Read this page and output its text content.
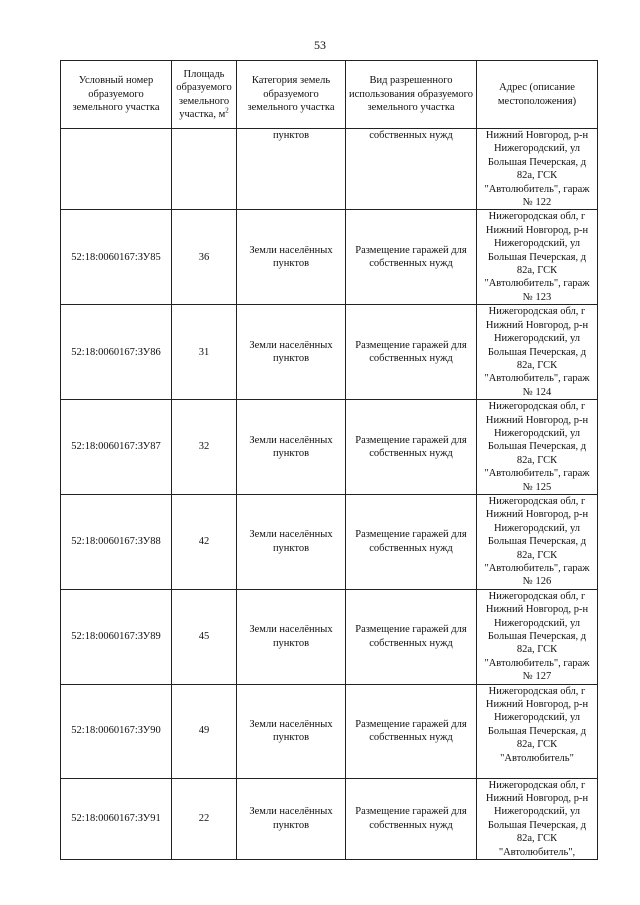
53
Условный номер образуемого земельного участка	Площадь образуемого земельного участка, $м^2$	Категория земель образуемого земельного участка	Вид разрешенного использования образуемого земельного участка	Адрес (описание местоположения)
		пунктов	собственных нужд	Нижний Новгород, р-н Нижегородский, ул Большая Печерская, д 82а, ГСК "Автолюбитель", гараж № 122
52:18:0060167:ЗУ85	36	Земли населённых пунктов	Размещение гаражей для собственных нужд	Нижегородская обл, г Нижний Новгород, р-н Нижегородский, ул Большая Печерская, д 82а, ГСК "Автолюбитель", гараж № 123
52:18:0060167:ЗУ86	31	Земли населённых пунктов	Размещение гаражей для собственных нужд	Нижегородская обл, г Нижний Новгород, р-н Нижегородский, ул Большая Печерская, д 82а, ГСК "Автолюбитель", гараж № 124
52:18:0060167:ЗУ87	32	Земли населённых пунктов	Размещение гаражей для собственных нужд	Нижегородская обл, г Нижний Новгород, р-н Нижегородский, ул Большая Печерская, д 82а, ГСК "Автолюбитель", гараж № 125
52:18:0060167:ЗУ88	42	Земли населённых пунктов	Размещение гаражей для собственных нужд	Нижегородская обл, г Нижний Новгород, р-н Нижегородский, ул Большая Печерская, д 82а, ГСК "Автолюбитель", гараж № 126
52:18:0060167:ЗУ89	45	Земли населённых пунктов	Размещение гаражей для собственных нужд	Нижегородская обл, г Нижний Новгород, р-н Нижегородский, ул Большая Печерская, д 82а, ГСК "Автолюбитель", гараж № 127
52:18:0060167:ЗУ90	49	Земли населённых пунктов	Размещение гаражей для собственных нужд	Нижегородская обл, г Нижний Новгород, р-н Нижегородский, ул Большая Печерская, д 82а, ГСК "Автолюбитель"
52:18:0060167:ЗУ91	22	Земли населённых пунктов	Размещение гаражей для собственных нужд	Нижегородская обл, г Нижний Новгород, р-н Нижегородский, ул Большая Печерская, д 82а, ГСК "Автолюбитель",
